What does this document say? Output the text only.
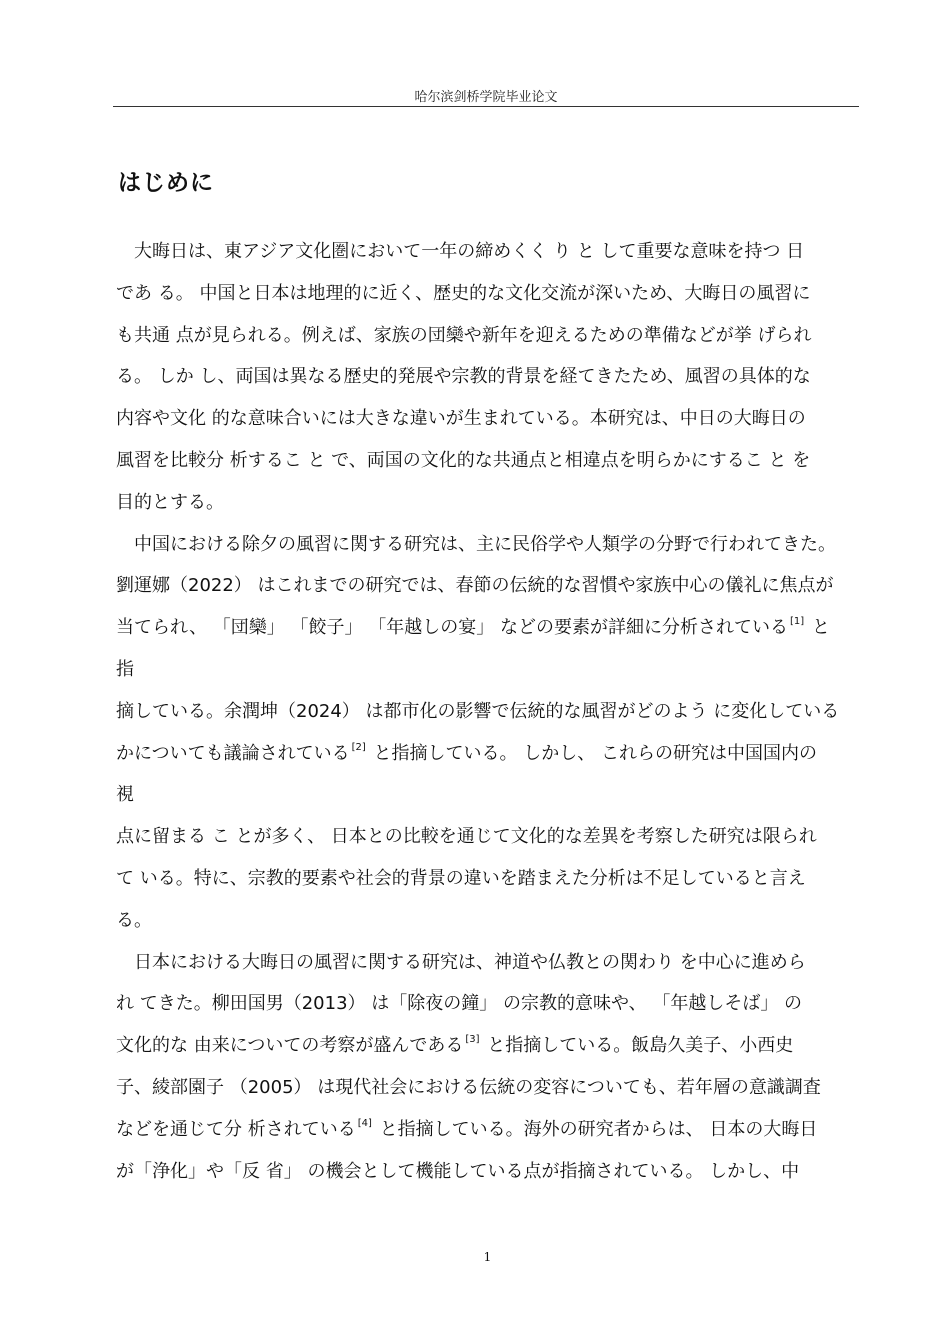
哈尔滨剑桥学院毕业论文
はじめに
大晦日は、東アジア文化圏において一年の締めくく り と して重要な意味を持つ 日
であ る。 中国と日本は地理的に近く、歴史的な文化交流が深いため、大晦日の風習に
も共通 点が見られる。例えば、家族の団欒や新年を迎えるための準備などが挙 げられ
る。 しか し、両国は異なる歴史的発展や宗教的背景を経てきたため、風習の具体的な
内容や文化 的な意味合いには大きな違いが生まれている。本研究は、中日の大晦日の
風習を比較分 析するこ と で、両国の文化的な共通点と相違点を明らかにするこ と を
目的とする。
中国における除夕の風習に関する研究は、主に民俗学や人類学の分野で行われてきた。
劉運娜（2022） はこれまでの研究では、春節の伝統的な習慣や家族中心の儀礼に焦点が
当てられ、 「団欒」 「餃子」 「年越しの宴」 などの要素が詳細に分析されている [1] と
指
摘している。余潤坤（2024） は都市化の影響で伝統的な風習がどのよう に変化している
かについても議論されている [2] と指摘している。 しかし、 これらの研究は中国国内の
視
点に留まる こ とが多く、 日本との比較を通じて文化的な差異を考察した研究は限られ
て いる。特に、宗教的要素や社会的背景の違いを踏まえた分析は不足していると言え
る。
日本における大晦日の風習に関する研究は、神道や仏教との関わり を中心に進めら
れ てきた。柳田国男（2013） は「除夜の鐘」 の宗教的意味や、 「年越しそば」 の
文化的な 由来についての考察が盛んである [3] と指摘している。飯島久美子、小西史
子、綾部園子 （2005） は現代社会における伝統の変容についても、若年層の意識調査
などを通じて分 析されている [4] と指摘している。海外の研究者からは、 日本の大晦日
が「浄化」や「反 省」 の機会として機能している点が指摘されている。 しかし、中
1
